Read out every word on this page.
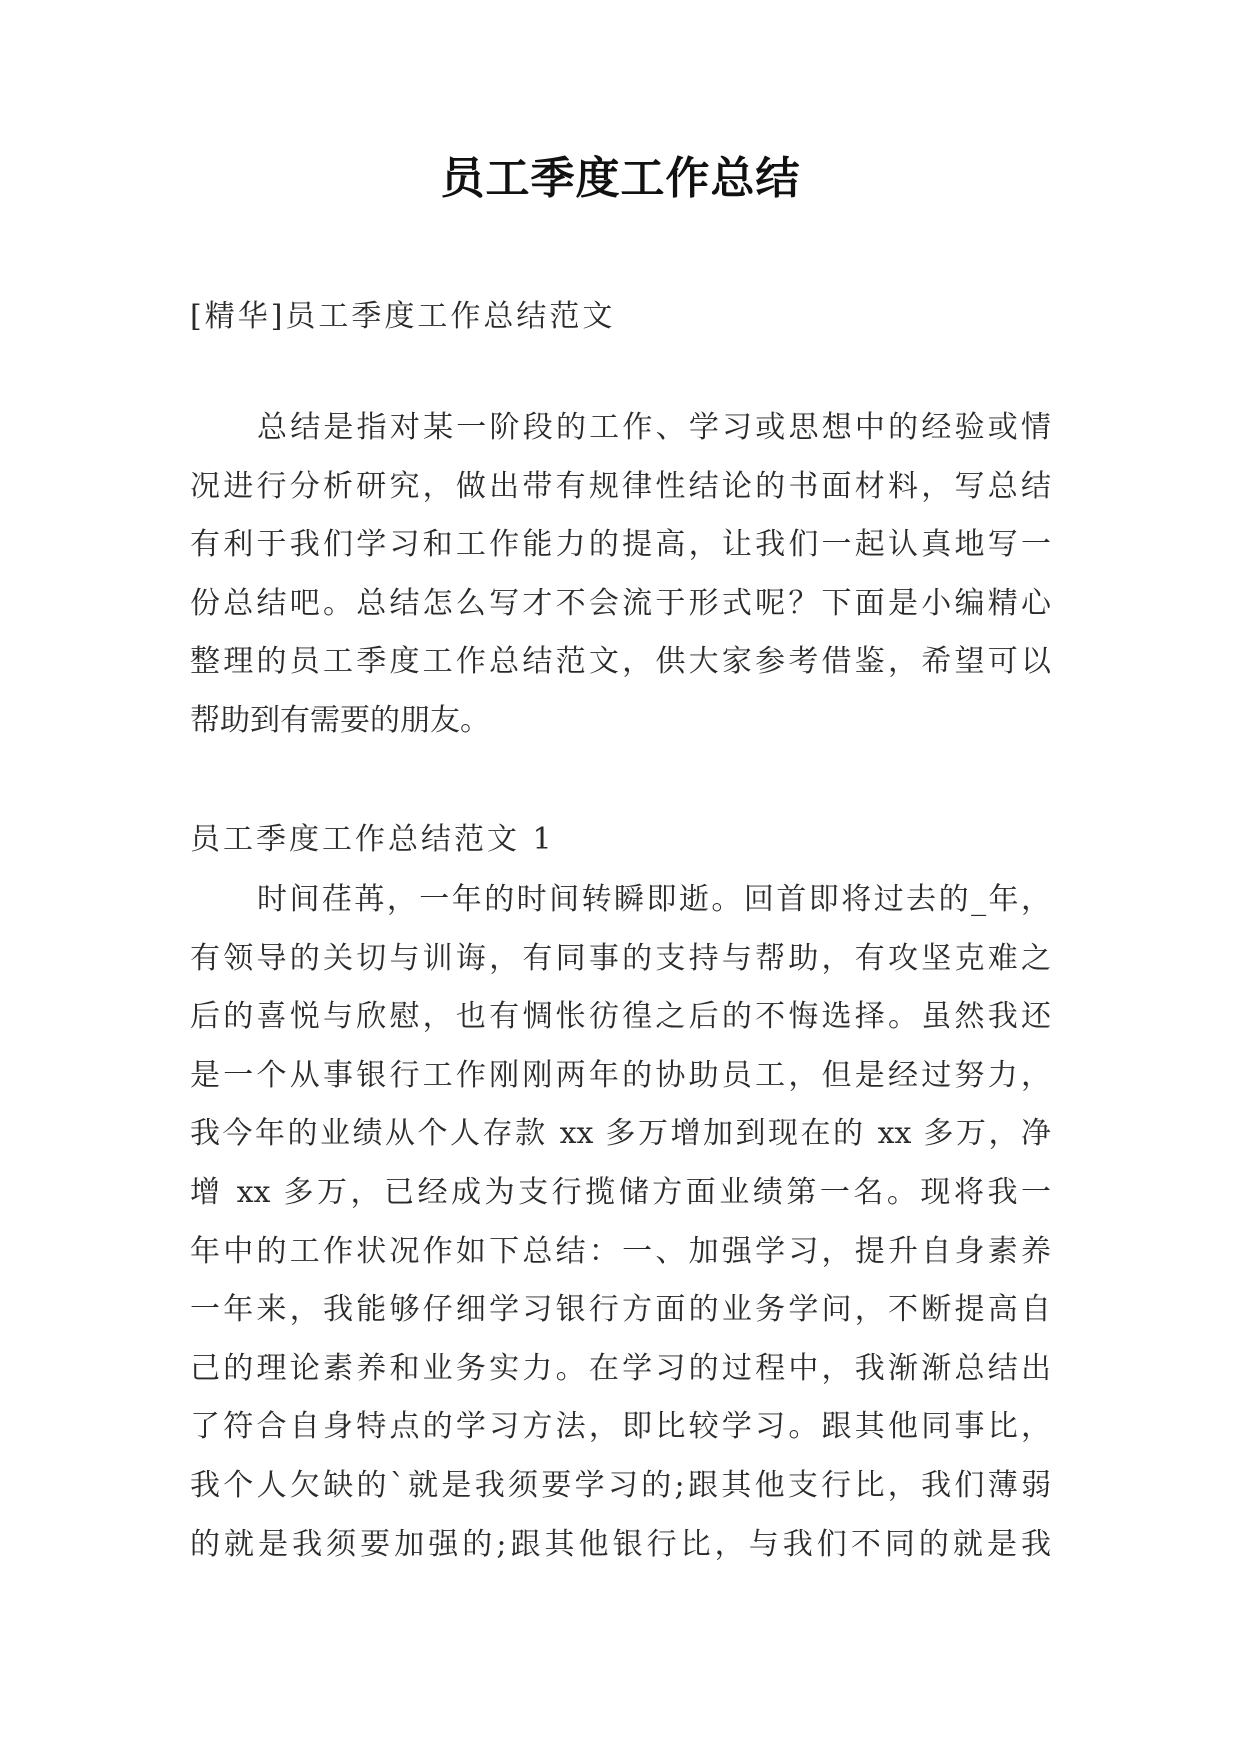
员工季度工作总结
[精华]员工季度工作总结范文
总结是指对某一阶段的工作、学习或思想中的经验或情
况进行分析研究，做出带有规律性结论的书面材料，写总结
有利于我们学习和工作能力的提高，让我们一起认真地写一
份总结吧。总结怎么写才不会流于形式呢？下面是小编精心
整理的员工季度工作总结范文，供大家参考借鉴，希望可以
帮助到有需要的朋友。
员工季度工作总结范文 1
时间荏苒，一年的时间转瞬即逝。回首即将过去的_年，
有领导的关切与训诲，有同事的支持与帮助，有攻坚克难之
后的喜悦与欣慰，也有惆怅彷徨之后的不悔选择。虽然我还
是一个从事银行工作刚刚两年的协助员工，但是经过努力，
我今年的业绩从个人存款 xx 多万增加到现在的 xx 多万，净
增 xx 多万，已经成为支行揽储方面业绩第一名。现将我一
年中的工作状况作如下总结：一、加强学习，提升自身素养
一年来，我能够仔细学习银行方面的业务学问，不断提高自
己的理论素养和业务实力。在学习的过程中，我渐渐总结出
了符合自身特点的学习方法，即比较学习。跟其他同事比，
我个人欠缺的`就是我须要学习的;跟其他支行比，我们薄弱
的就是我须要加强的;跟其他银行比，与我们不同的就是我
